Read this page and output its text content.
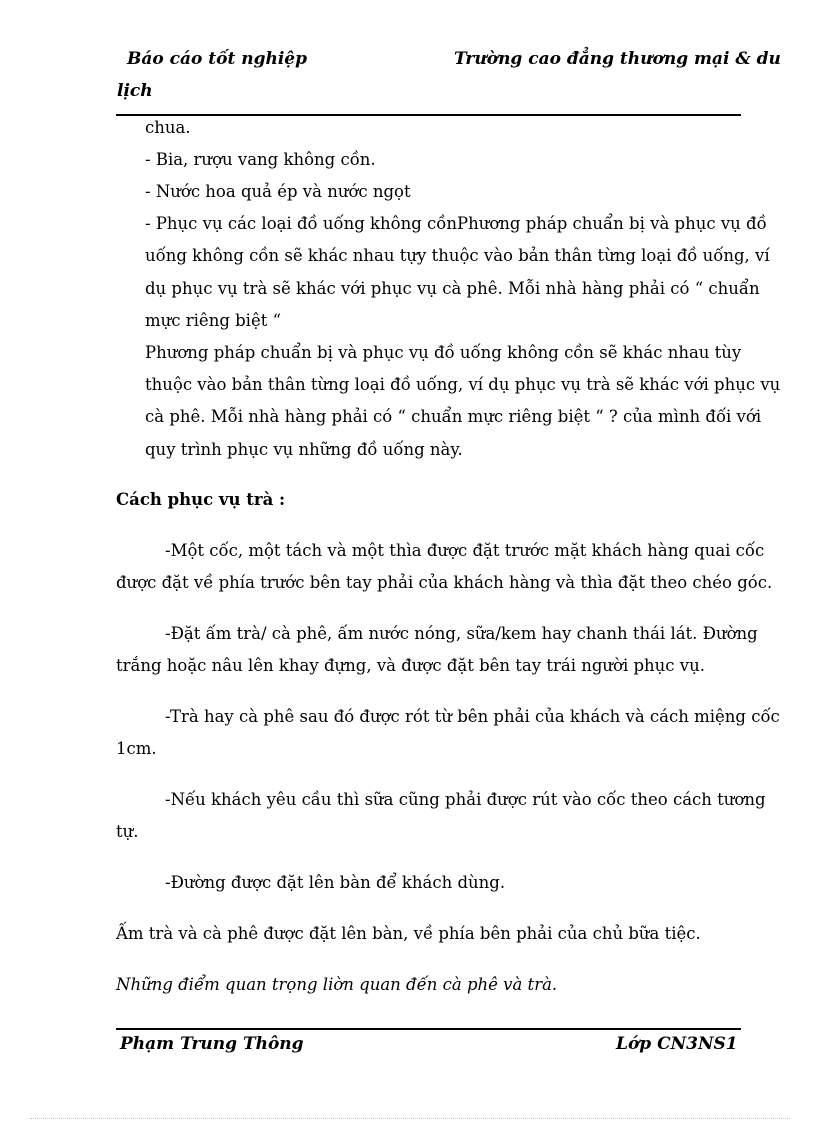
Báo cáo tốt nghiệp	Trường cao đẳng thương mại & du
lịch
chua.
- Bia, rượu vang không cồn.
- Nước hoa quả ép và nước ngọt
- Phục vụ các loại đồ uống không cồnPhương pháp chuẩn bị và phục vụ đồ
uống không cồn sẽ khác nhau tựy thuộc vào bản thân từng loại đồ uống, ví
dụ phục vụ trà sẽ khác với phục vụ cà phê. Mỗi nhà hàng phải có “ chuẩn
mực riêng biệt “
Phương pháp chuẩn bị và phục vụ đồ uống không cồn sẽ khác nhau tùy
thuộc vào bản thân từng loại đồ uống, ví dụ phục vụ trà sẽ khác với phục vụ
cà phê. Mỗi nhà hàng phải có “ chuẩn mực riêng biệt “ ? của mình đối với
quy trình phục vụ những đồ uống này.
Cách phục vụ trà :
-Một cốc, một tách và một thìa được đặt trước mặt khách hàng quai cốc
được đặt về phía trước bên tay phải của khách hàng và thìa đặt theo chéo góc.
-Đặt ấm trà/ cà phê, ấm nước nóng, sữa/kem hay chanh thái lát. Đường
trắng hoặc nâu lên khay đựng, và được đặt bên tay trái người phục vụ.
-Trà hay cà phê sau đó được rót từ bên phải của khách và cách miệng cốc
1cm.
-Nếu khách yêu cầu thì sữa cũng phải được rút vào cốc theo cách tương
tự.
-Đường được đặt lên bàn để khách dùng.
Ấm trà và cà phê được đặt lên bàn, về phía bên phải của chủ bữa tiệc.
Những điểm quan trọng liờn quan đến cà phê và trà.
Phạm Trung Thông	Lớp CN3NS1
